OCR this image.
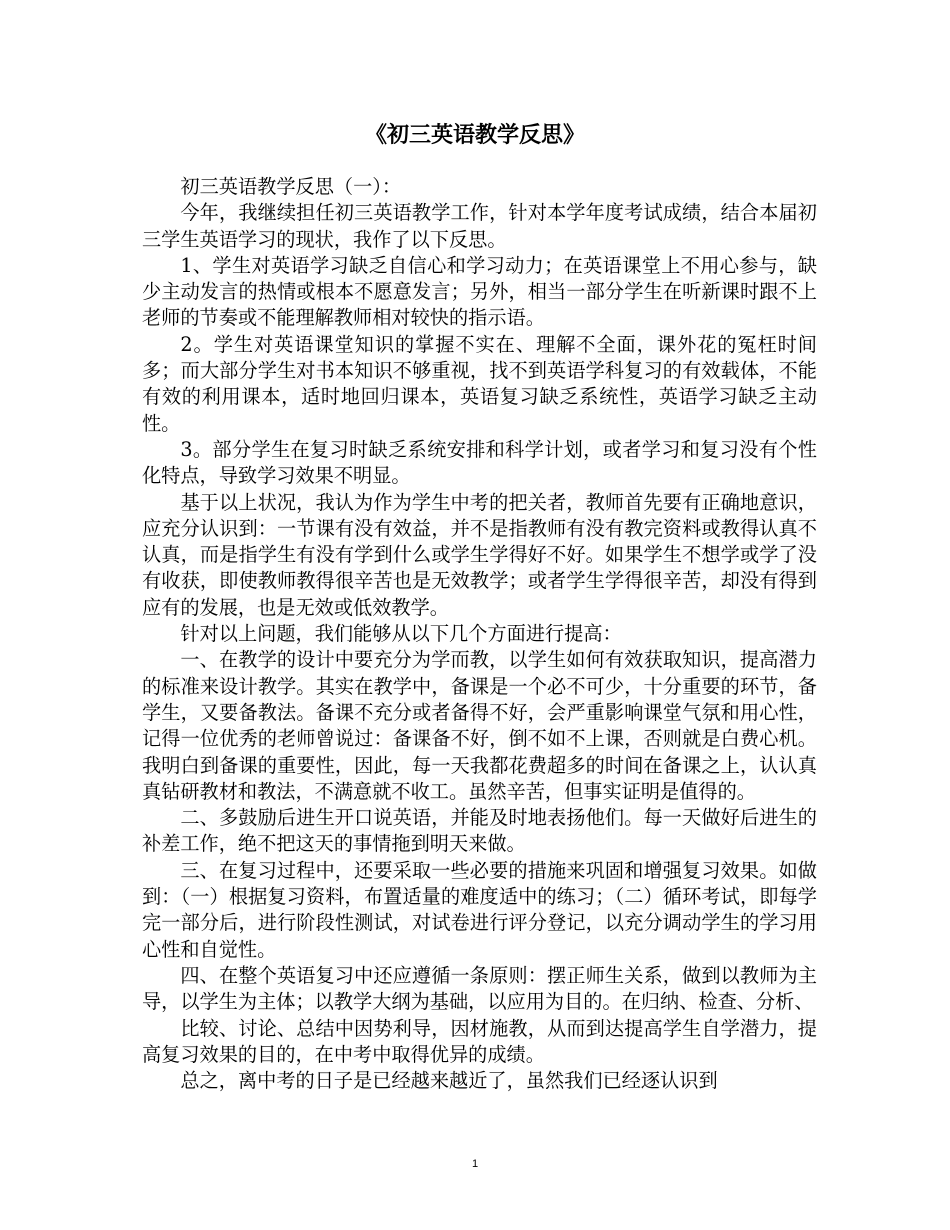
《初三英语教学反思》

初三英语教学反思（一）：

今年，我继续担任初三英语教学工作，针对本学年度考试成绩，结合本届初三学生英语学习的现状，我作了以下反思。

1、学生对英语学习缺乏自信心和学习动力；在英语课堂上不用心参与，缺少主动发言的热情或根本不愿意发言；另外，相当一部分学生在听新课时跟不上老师的节奏或不能理解教师相对较快的指示语。

2。学生对英语课堂知识的掌握不实在、理解不全面，课外花的冤枉时间多；而大部分学生对书本知识不够重视，找不到英语学科复习的有效载体，不能有效的利用课本，适时地回归课本，英语复习缺乏系统性，英语学习缺乏主动性。

3。部分学生在复习时缺乏系统安排和科学计划，或者学习和复习没有个性化特点，导致学习效果不明显。

基于以上状况，我认为作为学生中考的把关者，教师首先要有正确地意识，应充分认识到：一节课有没有效益，并不是指教师有没有教完资料或教得认真不认真，而是指学生有没有学到什么或学生学得好不好。如果学生不想学或学了没有收获，即使教师教得很辛苦也是无效教学；或者学生学得很辛苦，却没有得到应有的发展，也是无效或低效教学。

针对以上问题，我们能够从以下几个方面进行提高：

一、在教学的设计中要充分为学而教，以学生如何有效获取知识，提高潜力的标准来设计教学。其实在教学中，备课是一个必不可少，十分重要的环节，备学生，又要备教法。备课不充分或者备得不好，会严重影响课堂气氛和用心性，记得一位优秀的老师曾说过：备课备不好，倒不如不上课，否则就是白费心机。我明白到备课的重要性，因此，每一天我都花费超多的时间在备课之上，认认真真钻研教材和教法，不满意就不收工。虽然辛苦，但事实证明是值得的。

二、多鼓励后进生开口说英语，并能及时地表扬他们。每一天做好后进生的补差工作，绝不把这天的事情拖到明天来做。

三、在复习过程中，还要采取一些必要的措施来巩固和增强复习效果。如做到：（一）根据复习资料，布置适量的难度适中的练习；（二）循环考试，即每学完一部分后，进行阶段性测试，对试卷进行评分登记，以充分调动学生的学习用心性和自觉性。

四、在整个英语复习中还应遵循一条原则：摆正师生关系，做到以教师为主导，以学生为主体；以教学大纲为基础，以应用为目的。在归纳、检查、分析、

比较、讨论、总结中因势利导，因材施教，从而到达提高学生自学潜力，提高复习效果的目的，在中考中取得优异的成绩。

总之，离中考的日子是已经越来越近了，虽然我们已经逐认识到

1
